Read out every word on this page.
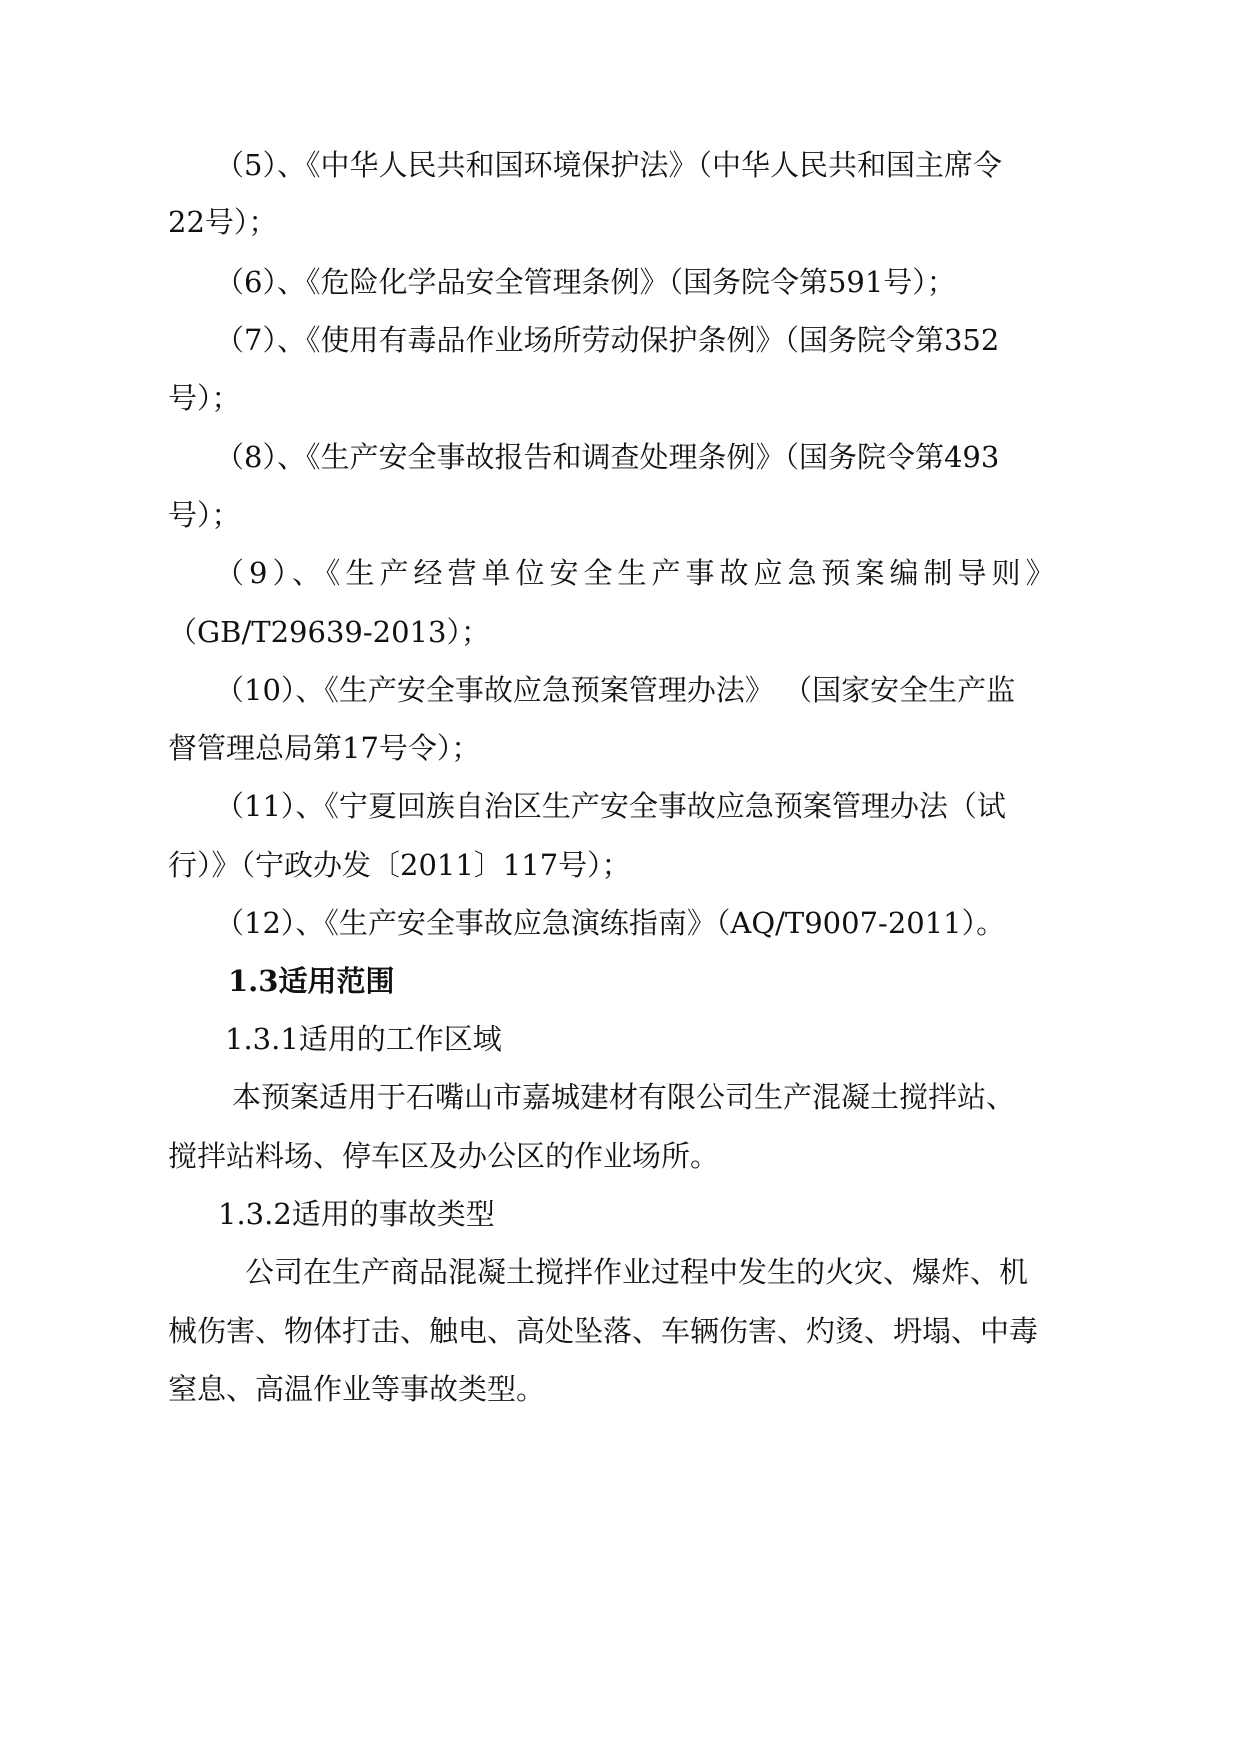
（5）、《中华人民共和国环境保护法》（中华人民共和国主席令
22号）；
（6）、《危险化学品安全管理条例》（国务院令第591号）；
（7）、《使用有毒品作业场所劳动保护条例》（国务院令第352
号）；
（8）、《生产安全事故报告和调查处理条例》（国务院令第493
号）；
（9）、《生产经营单位安全生产事故应急预案编制导则》
（GB/T29639-2013）；
（10）、《生产安全事故应急预案管理办法》 （国家安全生产监
督管理总局第17号令）；
（11）、《宁夏回族自治区生产安全事故应急预案管理办法（试
行）》（宁政办发〔2011〕117号）；
（12）、《生产安全事故应急演练指南》（AQ/T9007-2011）。
1.3适用范围
1.3.1适用的工作区域
本预案适用于石嘴山市嘉城建材有限公司生产混凝土搅拌站、
搅拌站料场、停车区及办公区的作业场所。
1.3.2适用的事故类型
公司在生产商品混凝土搅拌作业过程中发生的火灾、爆炸、机
械伤害、物体打击、触电、高处坠落、车辆伤害、灼烫、坍塌、中毒
窒息、高温作业等事故类型。
